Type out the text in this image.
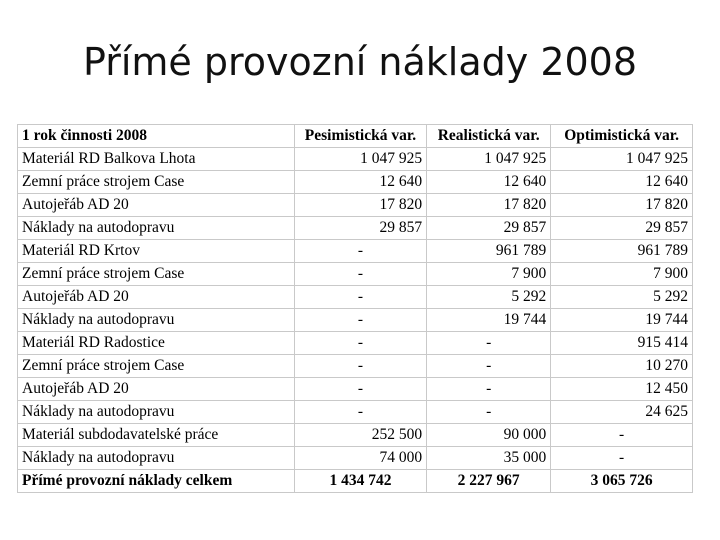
Přímé provozní náklady 2008
1 rok činnosti 2008	Pesimistická var.	Realistická var.	Optimistická var.
Materiál RD Balkova Lhota	1 047 925	1 047 925	1 047 925
Zemní práce strojem Case	12 640	12 640	12 640
Autojeřáb AD 20	17 820	17 820	17 820
Náklady na autodopravu	29 857	29 857	29 857
Materiál RD Krtov	-	961 789	961 789
Zemní práce strojem Case	-	7 900	7 900
Autojeřáb AD 20	-	5 292	5 292
Náklady na autodopravu	-	19 744	19 744
Materiál RD Radostice	-	-	915 414
Zemní práce strojem Case	-	-	10 270
Autojeřáb AD 20	-	-	12 450
Náklady na autodopravu	-	-	24 625
Materiál subdodavatelské práce	252 500	90 000	-
Náklady na autodopravu	74 000	35 000	-
Přímé provozní náklady celkem	1 434 742	2 227 967	3 065 726
